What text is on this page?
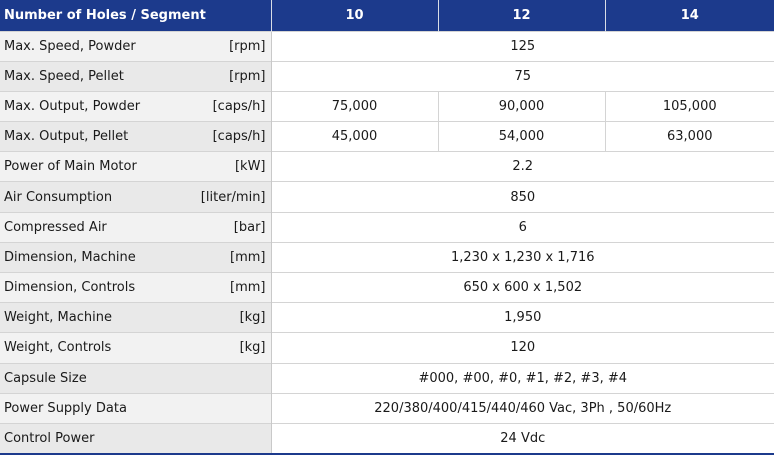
Number of Holes / Segment	10	12	14

Max. Speed, Powder [rpm]	125		

Max. Speed, Pellet [rpm]	75		

Max. Output, Powder [caps/h]	75,000	90,000	105,000

Max. Output, Pellet [caps/h]	45,000	54,000	63,000

Power of Main Motor [kW]	2.2		

Air Consumption [liter/min]	850		

Compressed Air [bar]	6		

Dimension, Machine [mm]	1,230 x 1,230 x 1,716		

Dimension, Controls [mm]	650 x 600 x 1,502		

Weight, Machine [kg]	1,950		

Weight, Controls [kg]	120		

Capsule Size	#000, #00, #0, #1, #2, #3, #4		

Power Supply Data	220/380/400/415/440/460 Vac, 3Ph , 50/60Hz		

Control Power	24 Vdc		
